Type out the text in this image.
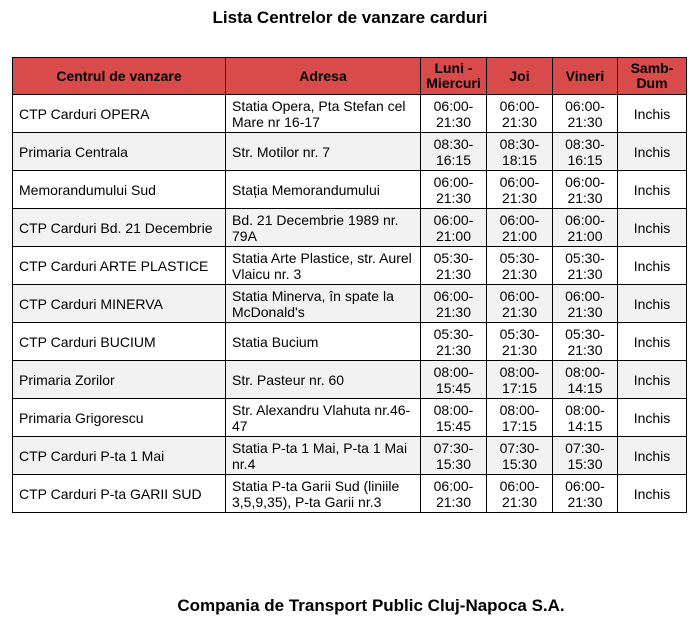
Lista Centrelor de vanzare carduri
Centrul de vanzare	Adresa	Luni - Miercuri	Joi	Vineri	Samb-Dum
CTP Carduri OPERA	Statia Opera, Pta Stefan cel Mare nr 16-17	06:00-21:30	06:00-21:30	06:00-21:30	Inchis
Primaria Centrala	Str. Motilor nr. 7	08:30-16:15	08:30-18:15	08:30-16:15	Inchis
Memorandumului Sud	Stația Memorandumului	06:00-21:30	06:00-21:30	06:00-21:30	Inchis
CTP Carduri Bd. 21 Decembrie	Bd. 21 Decembrie 1989 nr. 79A	06:00-21:00	06:00-21:00	06:00-21:00	Inchis
CTP Carduri ARTE PLASTICE	Statia Arte Plastice, str. Aurel Vlaicu nr. 3	05:30-21:30	05:30-21:30	05:30-21:30	Inchis
CTP Carduri MINERVA	Statia Minerva, în spate la McDonald's	06:00-21:30	06:00-21:30	06:00-21:30	Inchis
CTP Carduri BUCIUM	Statia Bucium	05:30-21:30	05:30-21:30	05:30-21:30	Inchis
Primaria Zorilor	Str. Pasteur nr. 60	08:00-15:45	08:00-17:15	08:00-14:15	Inchis
Primaria Grigorescu	Str. Alexandru Vlahuta nr.46-47	08:00-15:45	08:00-17:15	08:00-14:15	Inchis
CTP Carduri P-ta 1 Mai	Statia P-ta 1 Mai, P-ta 1 Mai nr.4	07:30-15:30	07:30-15:30	07:30-15:30	Inchis
CTP Carduri P-ta GARII SUD	Statia P-ta Garii Sud (liniile 3,5,9,35), P-ta Garii nr.3	06:00-21:30	06:00-21:30	06:00-21:30	Inchis
Compania de Transport Public Cluj-Napoca S.A.
